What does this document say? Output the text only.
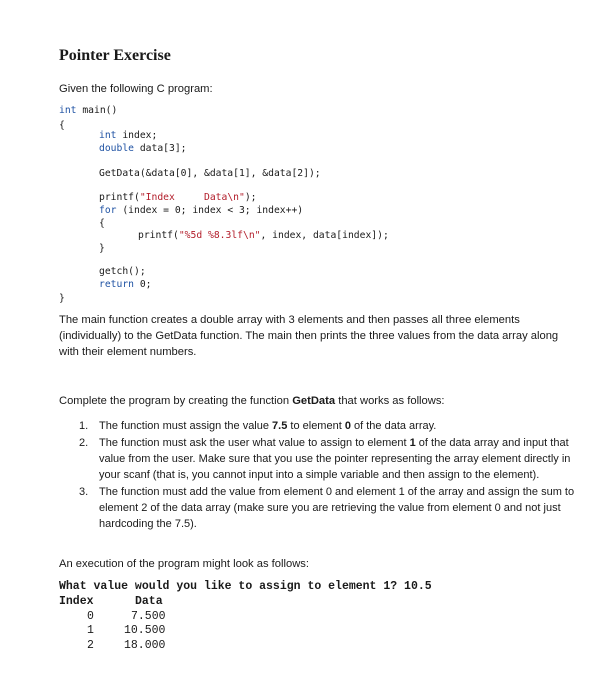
Pointer Exercise

Given the following C program:

int main()
{
int index;
double data[3];
GetData(&data[0], &data[1], &data[2]);
printf("Index     Data\n");
for (index = 0; index < 3; index++)
{
printf("%5d %8.3lf\n", index, data[index]);
}
getch();
return 0;
}

The main function creates a double array with 3 elements and then passes all three elements (individually) to the GetData function. The main then prints the three values from the data array along with their element numbers.

Complete the program by creating the function GetData that works as follows:

1. The function must assign the value 7.5 to element 0 of the data array.
2. The function must ask the user what value to assign to element 1 of the data array and input that value from the user. Make sure that you use the pointer representing the array element directly in your scanf (that is, you cannot input into a simple variable and then assign to the element).
3. The function must add the value from element 0 and element 1 of the array and assign the sum to element 2 of the data array (make sure you are retrieving the value from element 0 and not just hardcoding the 7.5).

An execution of the program might look as follows:

What value would you like to assign to element 1? 10.5
Index	Data
0	7.500
1	10.500
2	18.000
